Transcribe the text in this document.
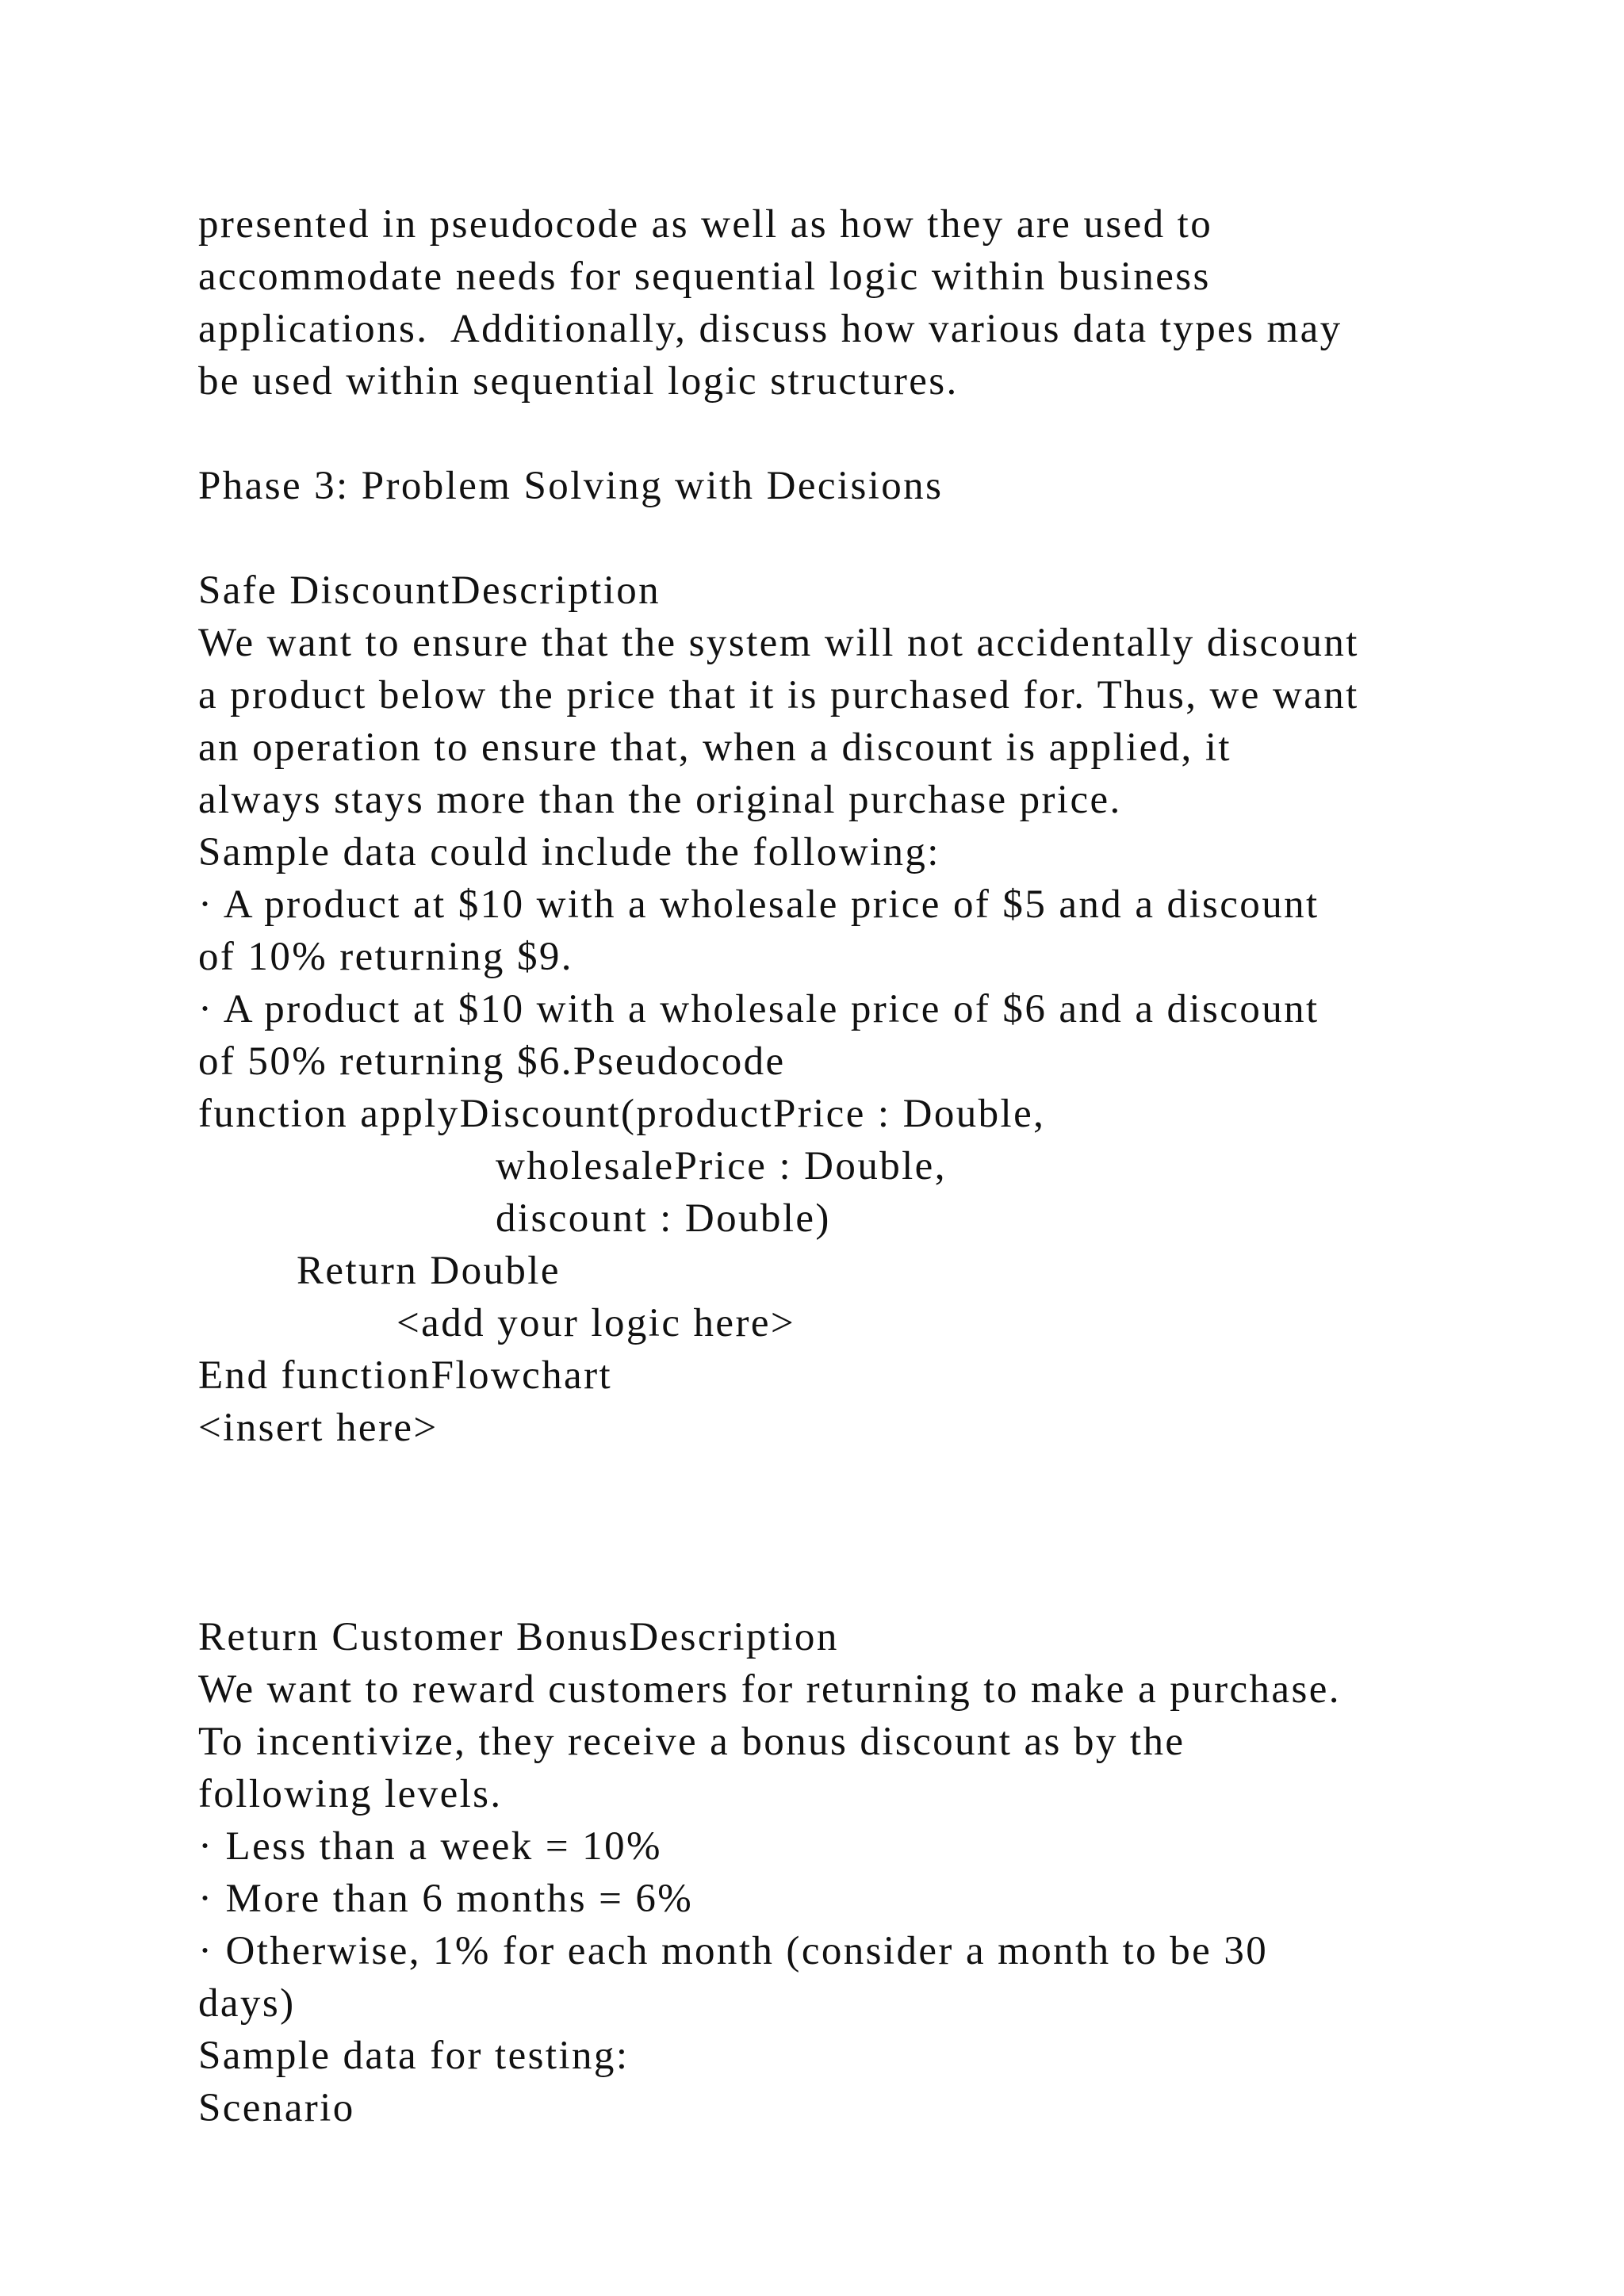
presented in pseudocode as well as how they are used to
accommodate needs for sequential logic within business
applications.  Additionally, discuss how various data types may
be used within sequential logic structures.
Phase 3: Problem Solving with Decisions
Safe DiscountDescription
We want to ensure that the system will not accidentally discount
a product below the price that it is purchased for. Thus, we want
an operation to ensure that, when a discount is applied, it
always stays more than the original purchase price.
Sample data could include the following:
· A product at $10 with a wholesale price of $5 and a discount
of 10% returning $9.
· A product at $10 with a wholesale price of $6 and a discount
of 50% returning $6.Pseudocode
function applyDiscount(productPrice : Double,
wholesalePrice : Double,
discount : Double)
Return Double
<add your logic here>
End functionFlowchart
<insert here>
Return Customer BonusDescription
We want to reward customers for returning to make a purchase.
To incentivize, they receive a bonus discount as by the
following levels.
· Less than a week = 10%
· More than 6 months = 6%
· Otherwise, 1% for each month (consider a month to be 30
days)
Sample data for testing:
Scenario
